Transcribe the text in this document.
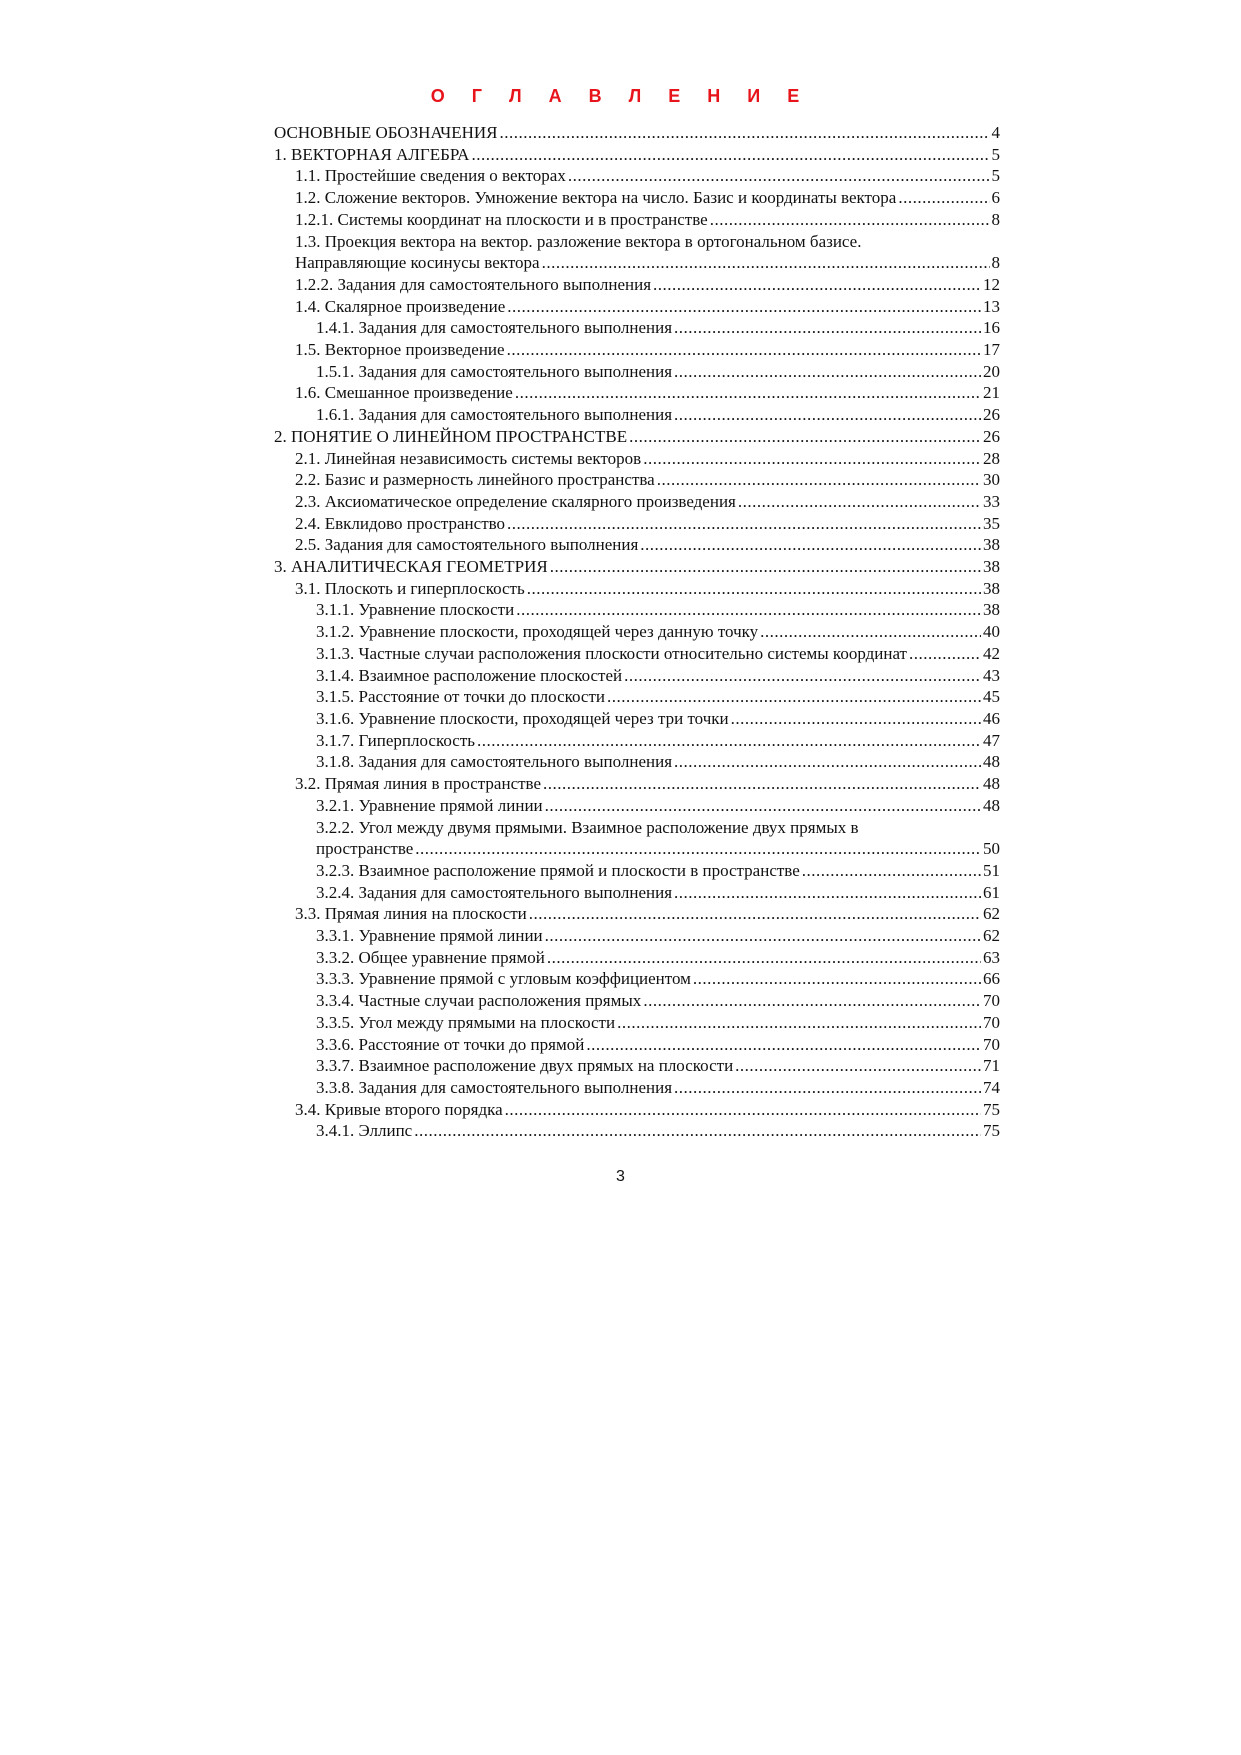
О Г Л А В Л Е Н И Е
ОСНОВНЫЕ ОБОЗНАЧЕНИЯ .....	4
1. ВЕКТОРНАЯ АЛГЕБРА .....	5
1.1. Простейшие сведения о векторах .....	5
1.2. Сложение векторов. Умножение вектора на число. Базис и координаты вектора .....	6
1.2.1. Системы координат на плоскости и в пространстве .....	8
1.3. Проекция вектора на вектор. разложение вектора в ортогональном базисе.
Направляющие косинусы вектора .....	8
1.2.2. Задания для самостоятельного выполнения .....	12
1.4. Скалярное произведение .....	13
1.4.1. Задания для самостоятельного выполнения .....	16
1.5. Векторное произведение .....	17
1.5.1. Задания для самостоятельного выполнения .....	20
1.6. Смешанное произведение .....	21
1.6.1. Задания для самостоятельного выполнения .....	26
2. ПОНЯТИЕ О ЛИНЕЙНОМ ПРОСТРАНСТВЕ .....	26
2.1. Линейная независимость системы векторов .....	28
2.2. Базис и размерность линейного пространства .....	30
2.3. Аксиоматическое определение скалярного произведения .....	33
2.4. Евклидово пространство .....	35
2.5. Задания для самостоятельного выполнения .....	38
3. АНАЛИТИЧЕСКАЯ ГЕОМЕТРИЯ .....	38
3.1. Плоскоть и гиперплоскость .....	38
3.1.1. Уравнение плоскости .....	38
3.1.2. Уравнение плоскости, проходящей через данную точку .....	40
3.1.3. Частные случаи расположения плоскости относительно системы координат .....	42
3.1.4. Взаимное расположение плоскостей .....	43
3.1.5. Расстояние от точки до плоскости .....	45
3.1.6. Уравнение плоскости, проходящей через три точки .....	46
3.1.7. Гиперплоскость .....	47
3.1.8. Задания для самостоятельного выполнения .....	48
3.2. Прямая линия в пространстве .....	48
3.2.1. Уравнение прямой линии .....	48
3.2.2. Угол между двумя прямыми. Взаимное расположение двух прямых в
пространстве .....	50
3.2.3. Взаимное расположение прямой и плоскости в пространстве .....	51
3.2.4. Задания для самостоятельного выполнения .....	61
3.3. Прямая линия на плоскости .....	62
3.3.1. Уравнение прямой линии .....	62
3.3.2. Общее уравнение прямой .....	63
3.3.3. Уравнение прямой с угловым коэффициентом .....	66
3.3.4. Частные случаи расположения прямых .....	70
3.3.5. Угол между прямыми на плоскости .....	70
3.3.6. Расстояние от точки до прямой .....	70
3.3.7. Взаимное расположение двух прямых на плоскости .....	71
3.3.8. Задания для самостоятельного выполнения .....	74
3.4. Кривые второго порядка .....	75
3.4.1. Эллипс .....	75
3
